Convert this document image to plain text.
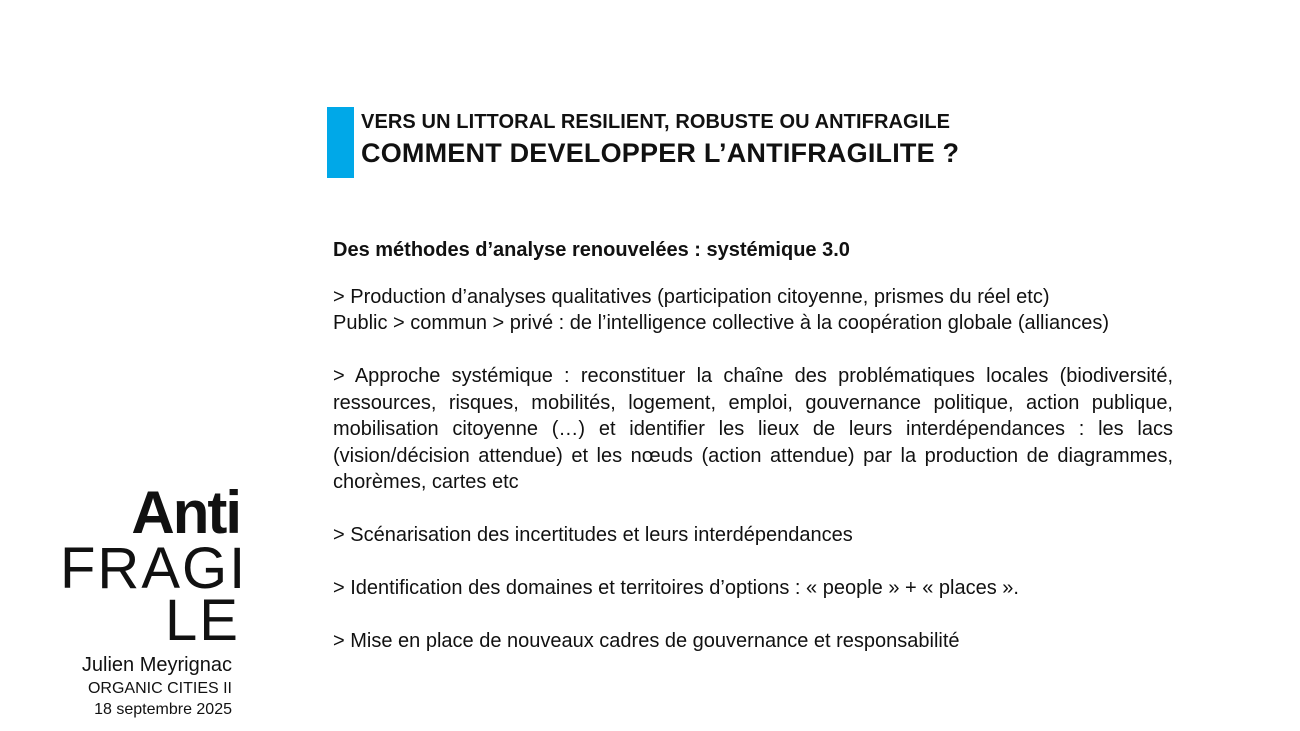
VERS UN LITTORAL RESILIENT, ROBUSTE OU ANTIFRAGILE
COMMENT DEVELOPPER L’ANTIFRAGILITE ?
Des méthodes d’analyse renouvelées : systémique 3.0
> Production d’analyses qualitatives (participation citoyenne, prismes du réel etc)
Public > commun > privé : de l’intelligence collective à la coopération globale (alliances)
> Approche systémique : reconstituer la chaîne des problématiques locales (biodiversité, ressources, risques, mobilités, logement, emploi, gouvernance politique, action publique, mobilisation citoyenne (…) et identifier les lieux de leurs interdépendances : les lacs (vision/décision attendue) et les nœuds (action attendue) par la production de diagrammes, chorèmes, cartes etc
> Scénarisation des incertitudes et leurs interdépendances
> Identification des domaines et territoires d’options : « people » + « places ».
> Mise en place de nouveaux cadres de gouvernance et responsabilité
Anti
FRAGI
LE
Julien Meyrignac
ORGANIC CITIES II
18 septembre 2025
